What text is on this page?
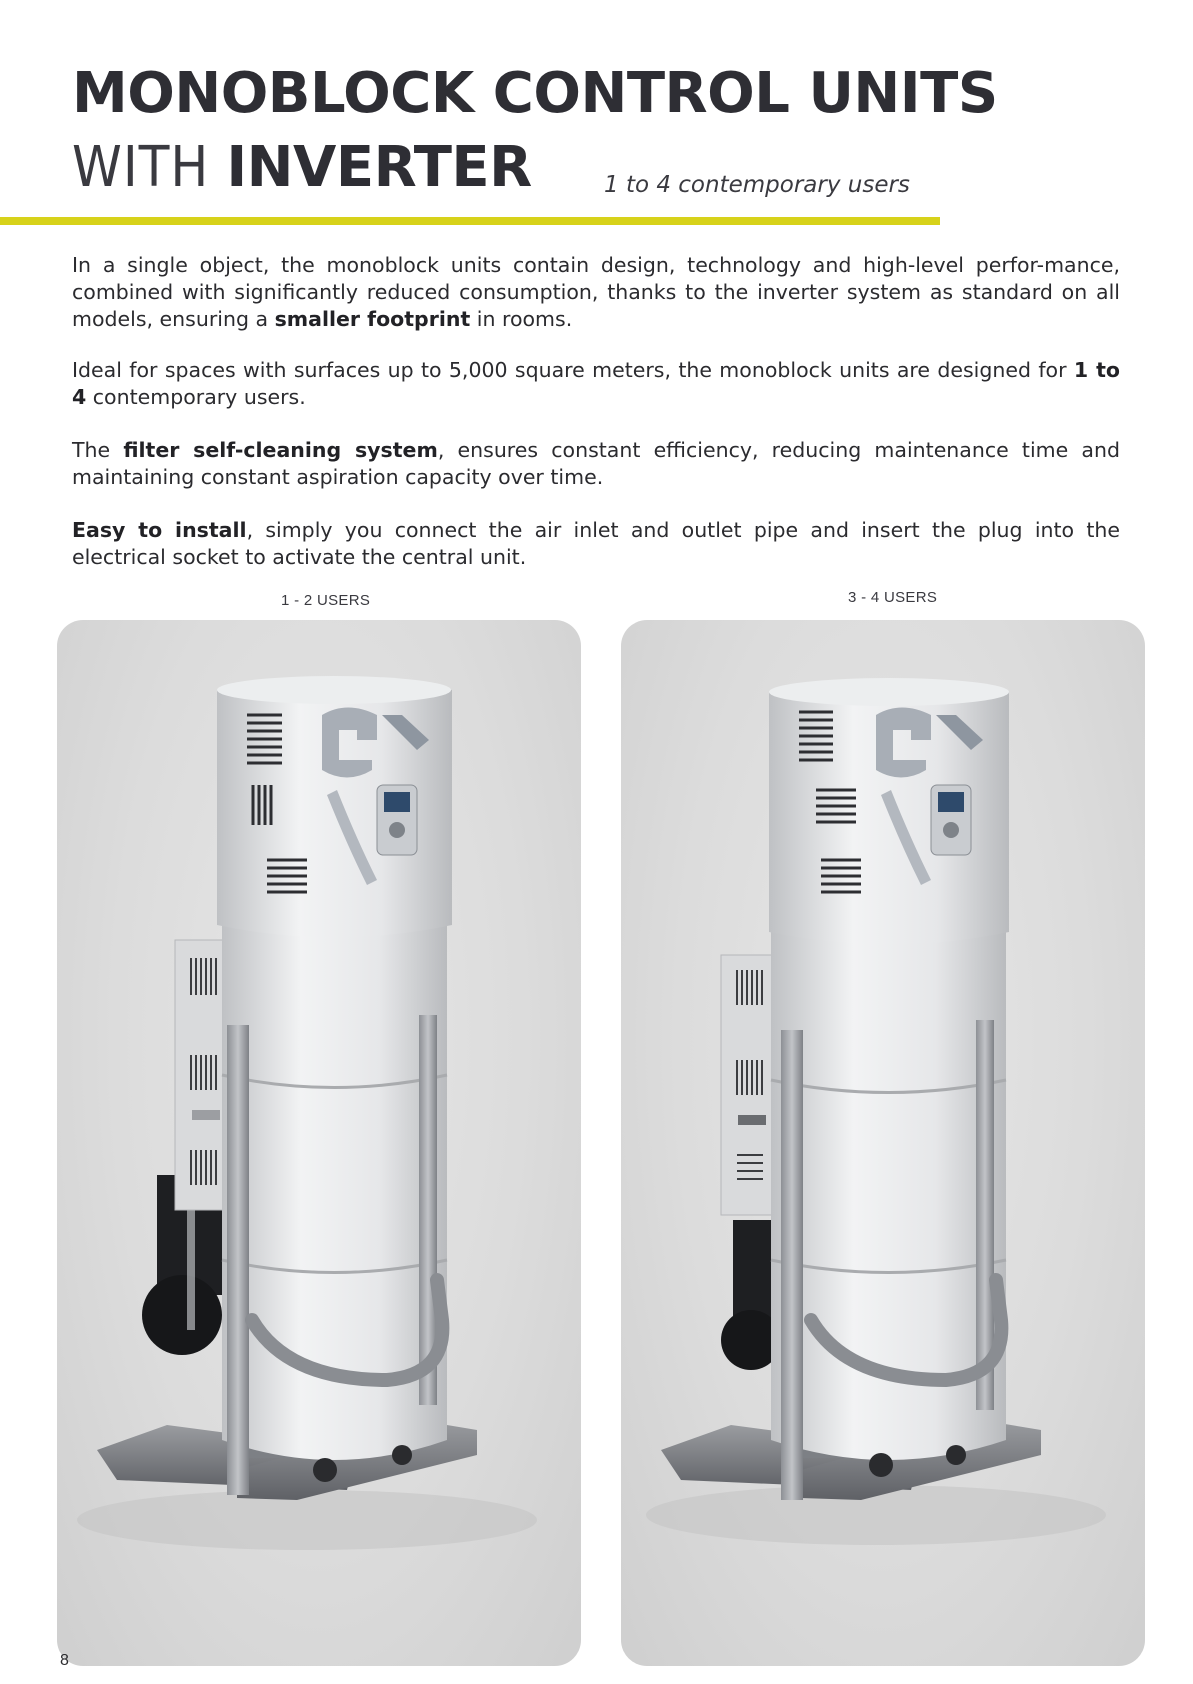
MONOBLOCK CONTROL UNITS
WITH INVERTER	1 to 4 contemporary users
In a single object, the monoblock units contain design, technology and high-level perfor-mance, combined with significantly reduced consumption, thanks to the inverter system as standard on all models, ensuring a smaller footprint in rooms.
Ideal for spaces with surfaces up to 5,000 square meters, the monoblock units are designed for 1 to 4 contemporary users.
The filter self-cleaning system, ensures constant efficiency, reducing maintenance time and maintaining constant aspiration capacity over time.
Easy to install, simply you connect the air inlet and outlet pipe and insert the plug into the electrical socket to activate the central unit.
1 - 2 USERS	3 - 4 USERS
8
